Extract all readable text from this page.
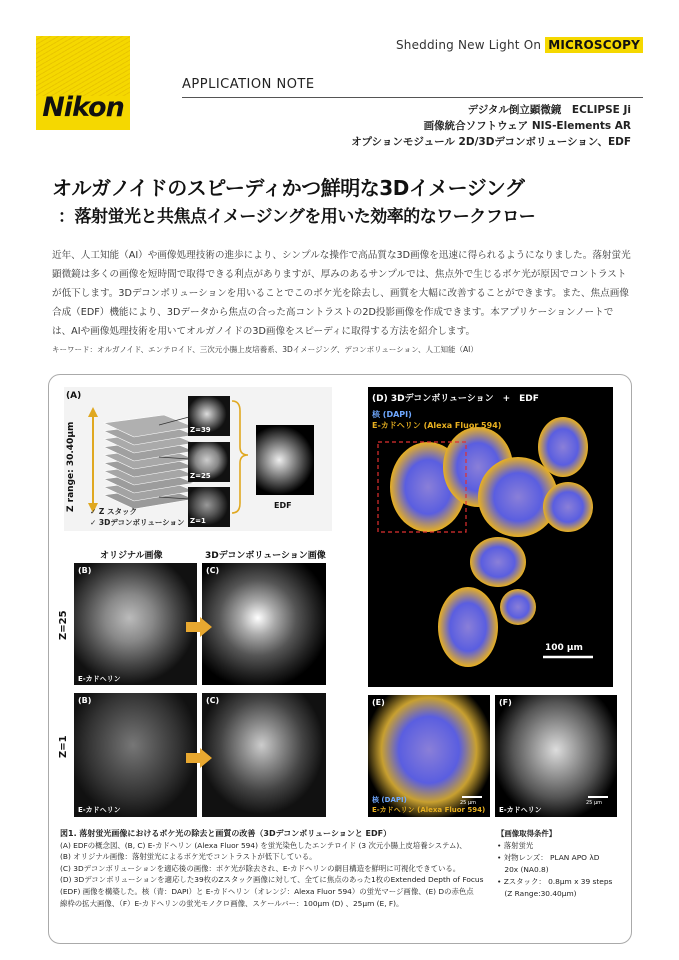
Nikon
Shedding New Light On MICROSCOPY
APPLICATION NOTE
デジタル倒立顕微鏡　ECLIPSE Ji
画像統合ソフトウェア NIS-Elements AR
オプションモジュール 2D/3Dデコンボリューション、EDF
オルガノイドのスピーディかつ鮮明な3Dイメージング
：落射蛍光と共焦点イメージングを用いた効率的なワークフロー
近年、人工知能（AI）や画像処理技術の進歩により、シンプルな操作で高品質な3D画像を迅速に得られるようになりました。落射蛍光顕微鏡は多くの画像を短時間で取得できる利点がありますが、厚みのあるサンプルでは、焦点外で生じるボケ光が原因でコントラストが低下します。3Dデコンボリューションを用いることでこのボケ光を除去し、画質を大幅に改善することができます。また、焦点画像合成（EDF）機能により、3Dデータから焦点の合った高コントラストの2D投影画像を作成できます。本アプリケーションノートでは、AIや画像処理技術を用いてオルガノイドの3D画像をスピーディに取得する方法を紹介します。
キーワード：オルガノイド、エンテロイド、三次元小腸上皮培養系、3Dイメージング、デコンボリューション、人工知能（AI）
(A)
Z range: 30.40μm	Z=39
Z=25
Z=1
EDF
✓ Z スタック
✓ 3Dデコンボリューション
オリジナル画像	3Dデコンボリューション画像
Z=25
(B)
E-カドヘリン
(C)
Z=1
(B)
E-カドヘリン
(C)
(D) 3Dデコンボリューション　+　EDF
核 (DAPI)
E-カドヘリン (Alexa Fluor 594)
100 μm
(E)
核 (DAPI)
E-カドヘリン (Alexa Fluor 594)
25 μm
(F)
E-カドヘリン
25 μm
図1. 落射蛍光画像におけるボケ光の除去と画質の改善（3Dデコンボリューションと EDF）
(A) EDFの概念図、(B, C) E-カドヘリン (Alexa Fluor 594) を蛍光染色したエンテロイド (3 次元小腸上皮培養システム)、
(B) オリジナル画像：落射蛍光によるボケ光でコントラストが低下している。
(C) 3Dデコンボリューションを適応後の画像：ボケ光が除去され、E-カドヘリンの網目構造を鮮明に可視化できている。
(D) 3Dデコンボリューションを適応した39枚のZスタック画像に対して、全てに焦点のあった1枚のExtended Depth of Focus
(EDF) 画像を構築した。核（青：DAPI）と E-カドヘリン（オレンジ：Alexa Fluor 594）の蛍光マージ画像、(E) Dの赤色点
線枠の拡大画像、（F）E-カドヘリンの蛍光モノクロ画像、スケールバー：100μm (D) 、25μm (E, F)。
【画像取得条件】
• 落射蛍光
• 対物レンズ： PLAN APO λD
　20x (NA0.8)
• Zスタック： 0.8μm x 39 steps
　(Z Range:30.40μm)
